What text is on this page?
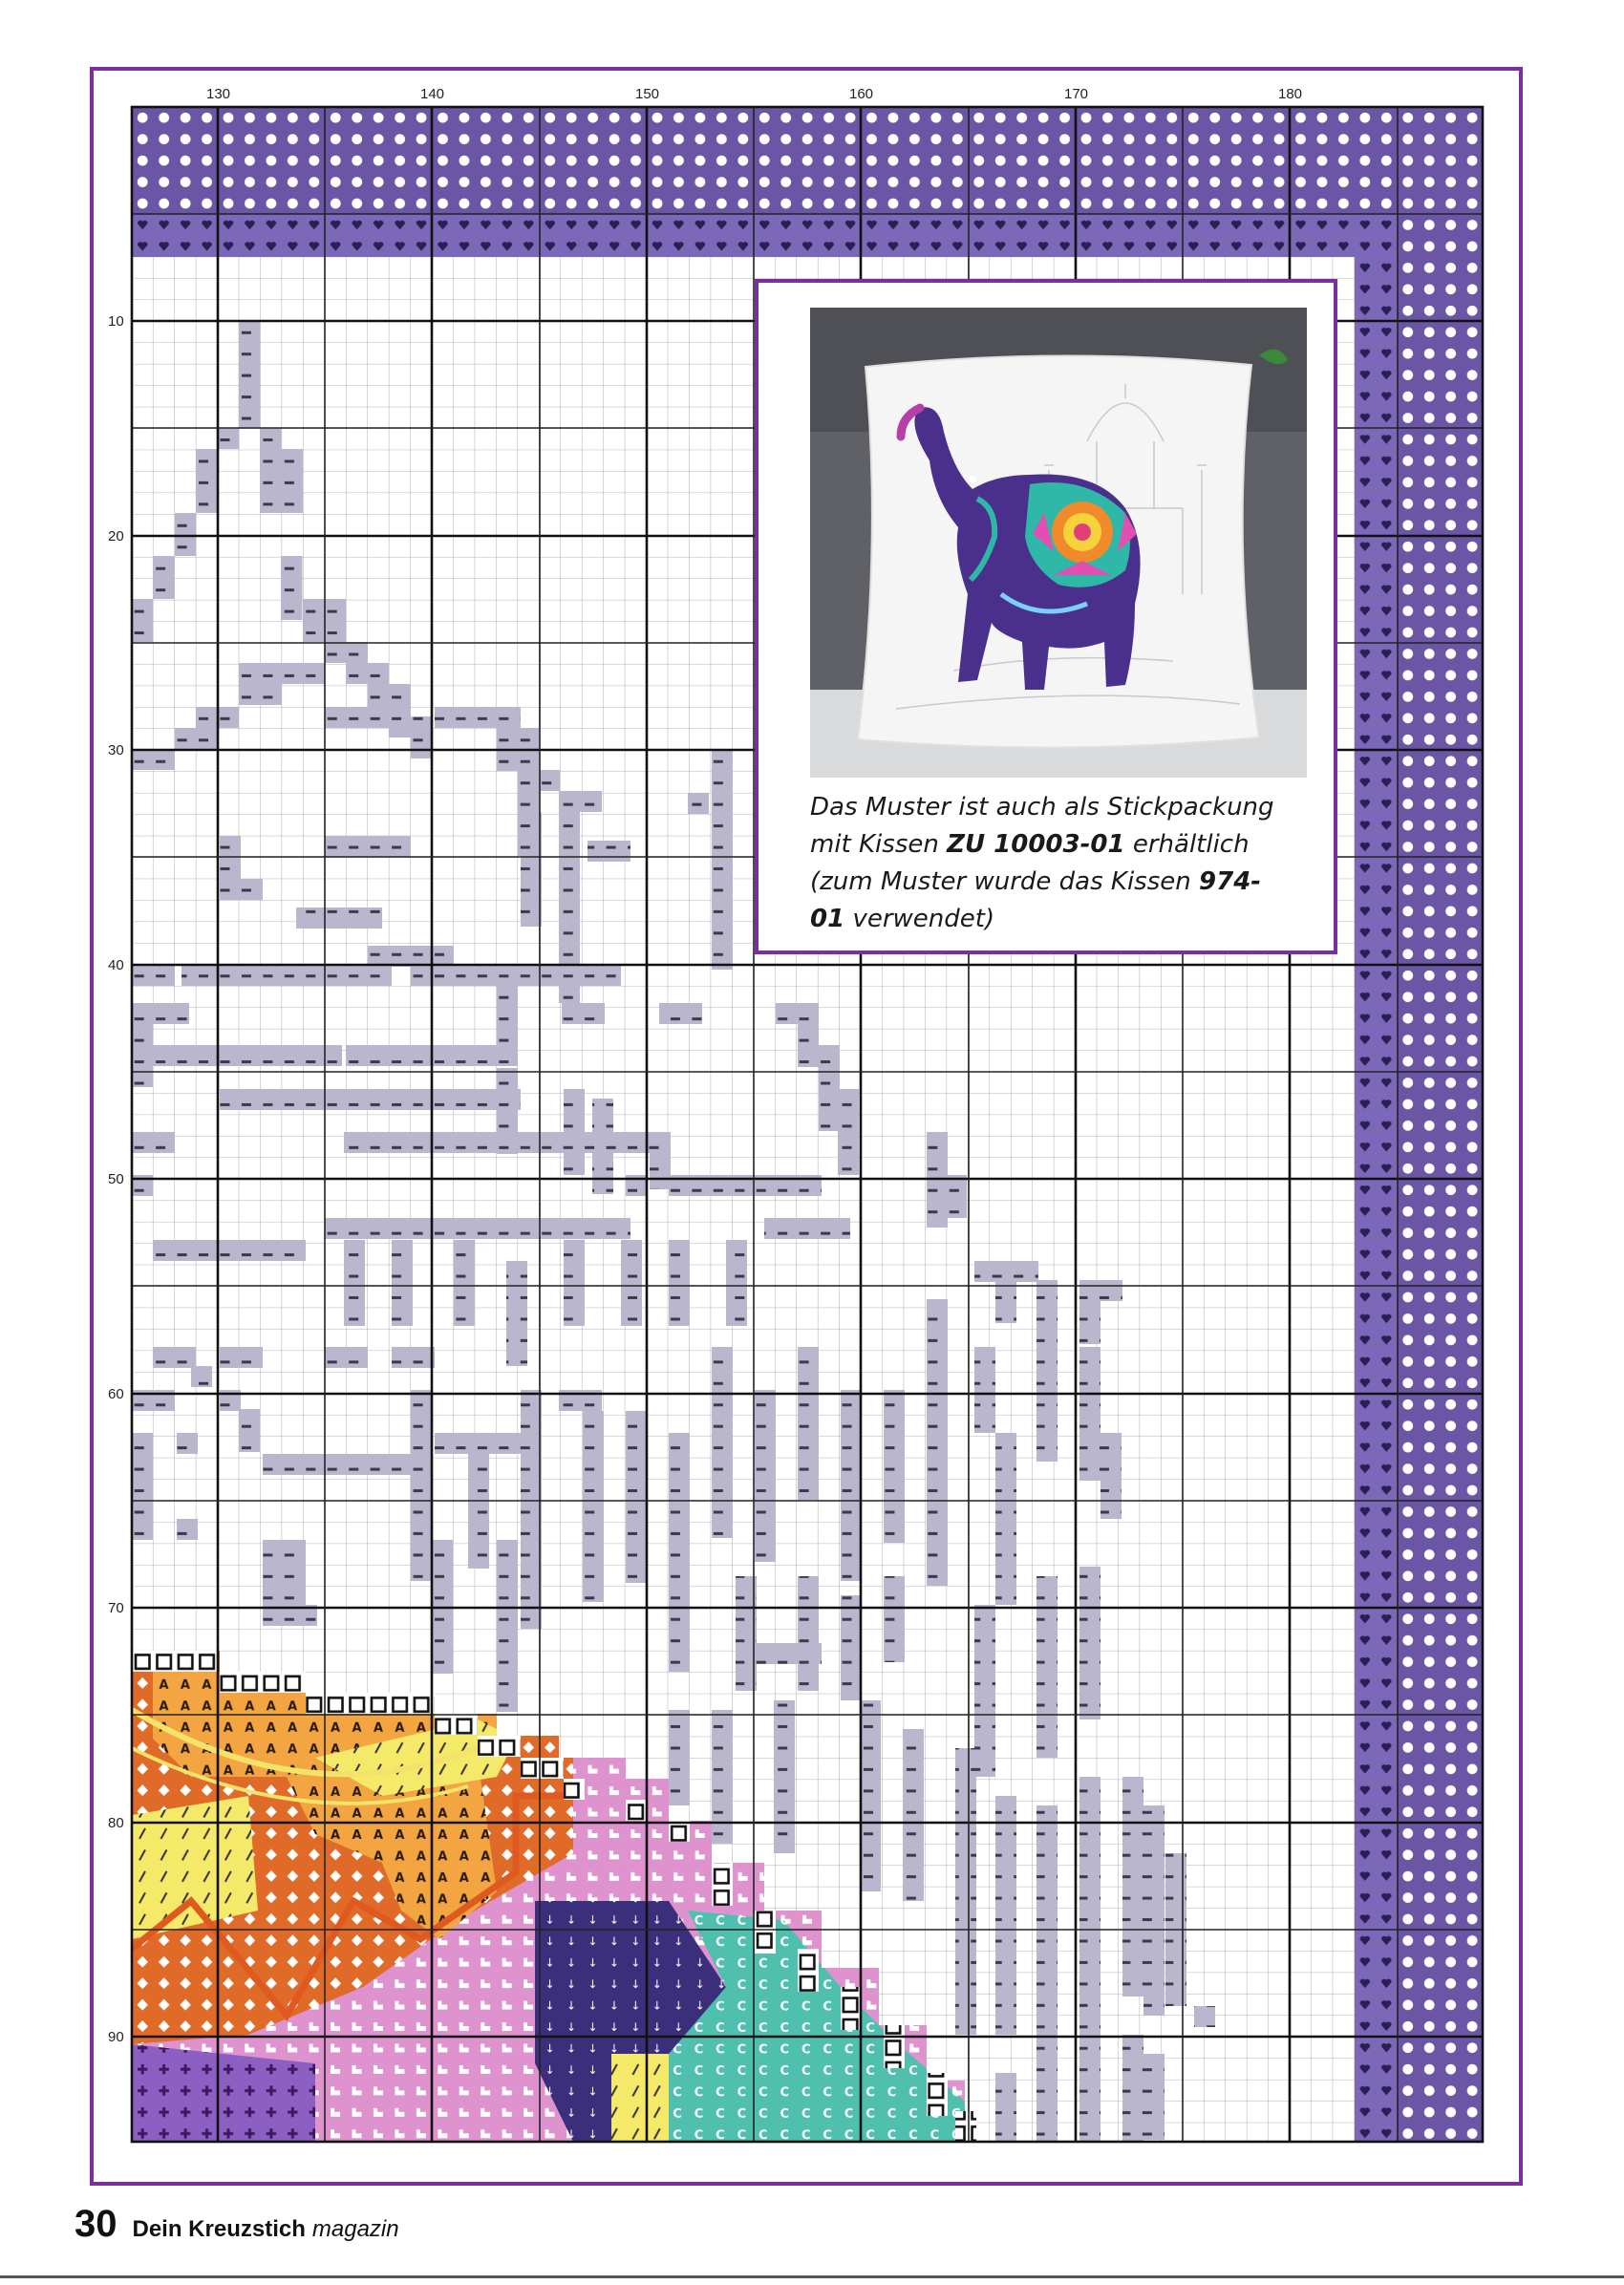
130	140	150	160	170	180
10
20
30
40
50
60
70
80
90
Das Muster ist auch als Stickpackung
mit Kissen ZU 10003-01 erhältlich
(zum Muster wurde das Kissen 974-
01 verwendet)
30 Dein Kreuzstich magazin
